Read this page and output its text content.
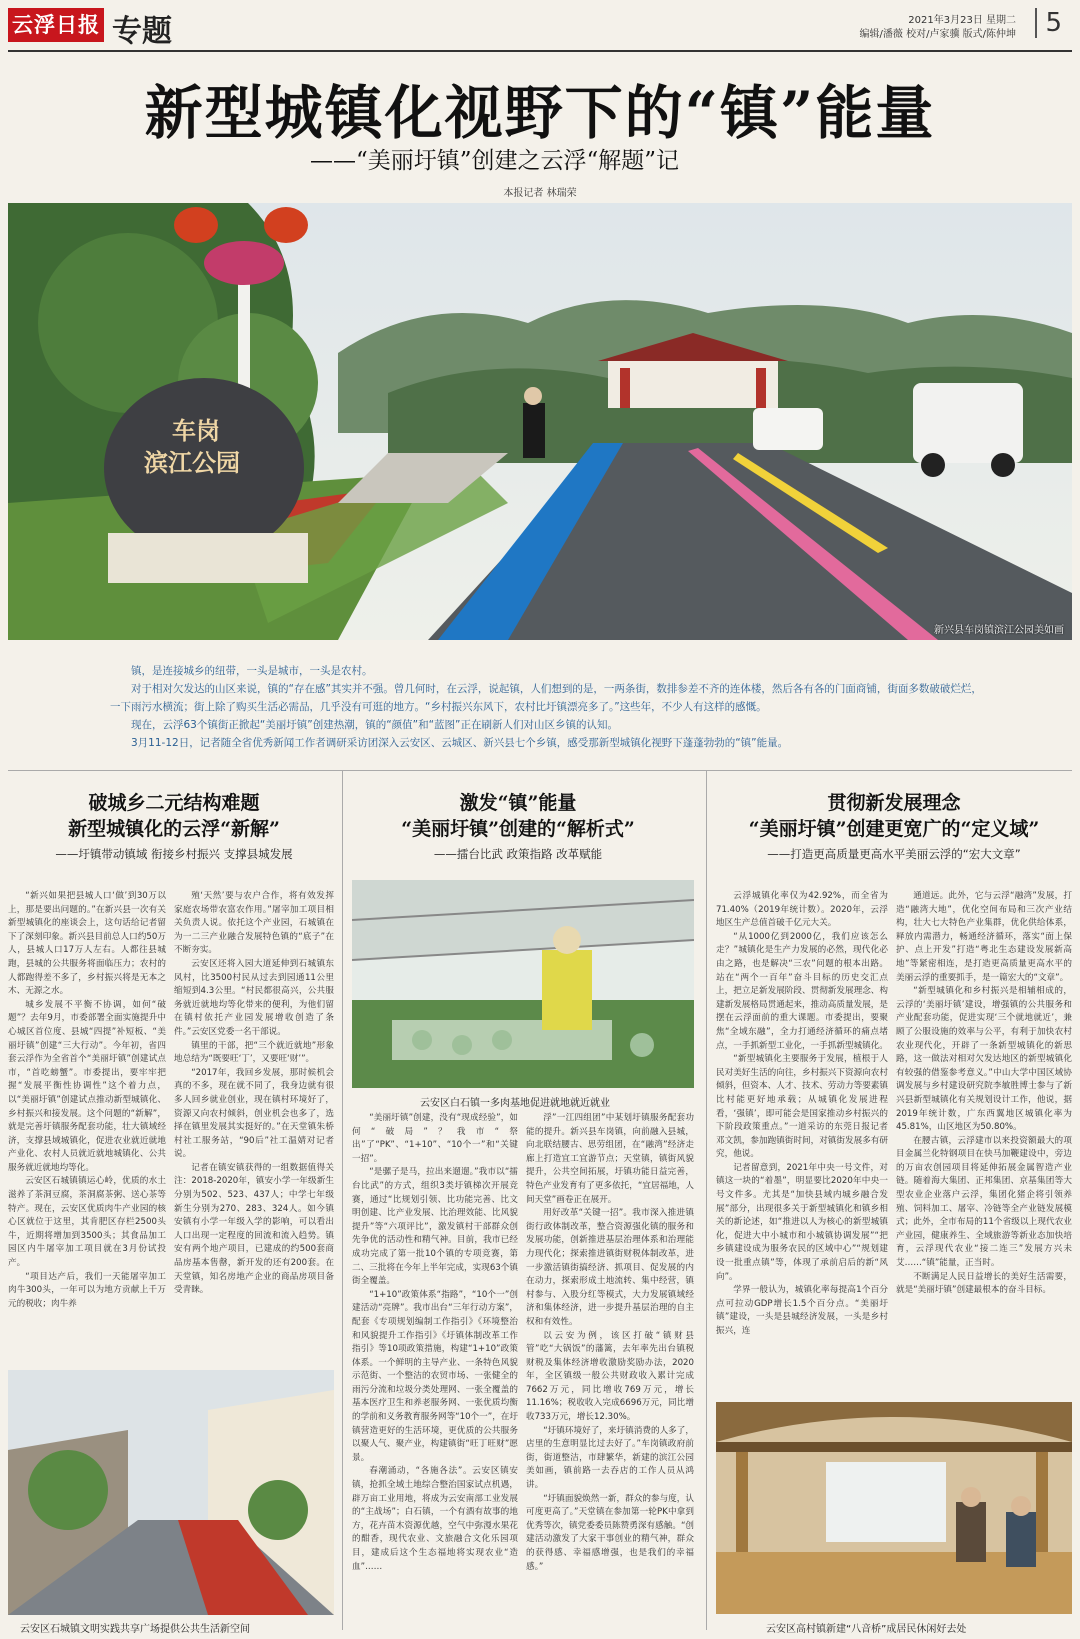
云浮日报 专题	2021年3月23日 星期二
编辑/潘薇 校对/卢家骥 版式/陈仲坤	5
新型城镇化视野下的“镇”能量
——“美丽圩镇”创建之云浮“解题”记
本报记者 林瑞荣
车岗
滨江公园
新兴县车岗镇滨江公园美如画

镇，是连接城乡的纽带，一头是城市，一头是农村。

对于相对欠发达的山区来说，镇的“存在感”其实并不强。曾几何时，在云浮，说起镇，人们想到的是，一两条街，数排参差不齐的连体楼，然后各有各的门面商铺，街面多数破破烂烂，一下雨污水横流；街上除了购买生活必需品，几乎没有可逛的地方。“乡村振兴东风下，农村比圩镇漂亮多了。”这些年，不少人有这样的感慨。

现在，云浮63个镇街正掀起“美丽圩镇”创建热潮，镇的“颜值”和“蓝图”正在刷新人们对山区乡镇的认知。

3月11-12日，记者随全省优秀新闻工作者调研采访团深入云安区、云城区、新兴县七个乡镇，感受那新型城镇化视野下蓬蓬勃勃的“镇”能量。

破城乡二元结构难题
新型城镇化的云浮“新解”
——圩镇带动镇域 衔接乡村振兴 支撑县城发展

“新兴如果把县城人口‘做’到30万以上，那是要出问题的。”在新兴县一次有关新型城镇化的座谈会上，这句话给记者留下了深刻印象。新兴县目前总人口约50万人，县城人口17万人左右。人都往县城跑，县城的公共服务将面临压力；农村的人都跑得差不多了，乡村振兴将是无本之木、无源之水。

城乡发展不平衡不协调，如何“破题”？去年9月，市委部署全面实施提升中心城区首位度、县城“四提”补短板、“美丽圩镇”创建“三大行动”。今年初，省四套云浮作为全省首个“美丽圩镇”创建试点市，“首吃螃蟹”。市委提出，要牢牢把握“发展平衡性协调性”这个着力点，以“美丽圩镇”创建试点推动新型城镇化、乡村振兴和接发展。这个问题的“新解”，就是完善圩镇服务配套功能，壮大镇域经济，支撑县域城镇化，促进农业就近就地产业化、农村人员就近就地城镇化、公共服务就近就地均等化。

云安区石城镇镇运心岭，优质的水土滋养了茶洞豆腐，茶洞腐茶粥、送心茶等特产。现在，云安区优质肉牛产业园的核心区就位于这里，其肯肥区存栏2500头牛，近期将增加到3500头；其食品加工园区内牛屠宰加工项目就在3月份试投产。

“项目达产后，我们一天能屠宰加工肉牛300头，一年可以为地方贡献上千万元的税收；肉牛养

殖‘天然’要与农户合作，将有效发挥家庭农场带农富农作用。”屠宰加工项目相关负责人说。依托这个产业园，石城镇在为一二三产业融合发展特色镇的“底子”在不断夯实。

云安区还将入园大道延伸到石城镇东风村，比3500村民从过去到园通11公里缩短到4.3公里。“村民都很高兴，公共服务就近就地均等化带来的便利，为他们留在镇村依托产业园发展增收创造了条件。”云安区党委一名干部说。

镇里的干部，把“三个就近就地”形象地总结为“既要旺‘丁’，又要旺‘财’”。

“2017年，我回乡发展，那时候机会真的不多，现在就不同了，我身边就有很多人回乡就业创业，现在镇村环境好了，资源又向农村倾斜，创业机会也多了，选择在镇里发展其实挺好的。”在天堂镇朱桥村社工服务站，“90后”社工温婧对记者说。

记者在镇安镇获得的一组数据值得关注：2018-2020年，镇安小学一年级新生分别为502、523、437人；中学七年级新生分别为270、283、324人。如今镇安镇有小学一年级入学的影响，可以看出人口出现一定程度的回流和流入趋势。镇安有两个地产项目，已建成的约500套商品房基本售罄，新开发的还有200套。在天堂镇，知名房地产企业的商品房项目备受青睐。

云安区石城镇文明实践共享广场提供公共生活新空间
激发“镇”能量
“美丽圩镇”创建的“解析式”
——擂台比武 政策指路 改革赋能
云安区白石镇一多肉基地促进就地就近就业

“美丽圩镇”创建，没有“现成经验”，如何“破局”？我市“祭出”了“PK”、“1+10”、“10个一”和“关键一招”。

“是骡子是马，拉出来遛遛。”我市以“擂台比武”的方式，组织3类圩镇梯次开展竞赛，通过“比规划引领、比功能完善、比文明创建、比产业发展、比治理效能、比风貌提升”等“六项评比”，激发镇村干部群众创先争优的活动性和精气神。目前，我市已经成功完成了第一批10个镇的专项竞赛，第二、三批将在今年上半年完成，实现63个镇街全覆盖。

“1+10”政策体系“指路”，“10个一”创建活动“亮牌”。我市出台“三年行动方案”，配套《专项规划编制工作指引》《环境整治和风貌提升工作指引》《圩镇体制改革工作指引》等10项政策措施，构建“1+10”政策体系。一个鲜明的主导产业、一条特色风貌示范街、一个整洁的农贸市场、一张健全的雨污分流和垃圾分类处理网、一张全覆盖的基本医疗卫生和养老服务网、一张优质均衡的学前和义务教育服务网等“10个一”，在圩镇营造更好的生活环境，更优质的公共服务以聚人气、聚产业，构建镇街“旺丁旺财”愿景。

春潮涌动，“各施各法”。云安区镇安镇，抢抓全域土地综合整治国家试点机遇，辟万亩工业用地，将成为云安南部工业发展的“主战场”；白石镇，一个有酒有故事的地方，花卉苗木资源优越，空气中弥漫水果花的酣香，现代农业、文旅融合文化乐园项目，建成后这个生态福地将实现农业“造血”……

浮”一江四组团”中某划圩镇服务配套功能的提升。新兴县车岗镇，向前融入县城，向北联结腰古、思劳组团，在“融湾”经济走廊上打造宜工宜游节点；天堂镇，镇街风貌提升，公共空间拓展，圩镇功能日益完善，特色产业发育有了更多依托，“宜居福地，人间天堂”画卷正在展开。

用好改革“关键一招”。我市深入推进镇街行政体制改革，整合资源强化镇的服务和发展功能，创新推进基层治理体系和治理能力现代化；探索推进镇街财税体制改革，进一步激活镇街搞经济、抓项目、促发展的内在动力，探索形成土地流转、集中经营，镇村参与、入股分红等模式，大力发展镇域经济和集体经济，进一步提升基层治理的自主权和有效性。

以云安为例，该区打破“镇财县管”吃“大锅饭”的藩篱，去年率先出台镇税财税及集体经济增收激励奖励办法，2020年，全区镇级一般公共财政收入累计完成7662万元，同比增收769万元，增长11.16%；税收收入完成6696万元，同比增收733万元，增长12.30%。

“圩镇环境好了，来圩镇消费的人多了，店里的生意明显比过去好了。”车岗镇政府前街，街道整洁，市肆繁华，新建的滨江公园美如画，镇前路一去吞店的工作人员从鸿讲。

“圩镇面貌焕然一新，群众的参与度，认可度更高了。”天堂镇在参加第一轮PK中拿到优秀等次，镇党委委员陈赞勇深有感触。“创建活动激发了大家干事创业的精气神，群众的获得感、幸福感增强，也是我们的幸福感。”

贯彻新发展理念
“美丽圩镇”创建更宽广的“定义域”
——打造更高质量更高水平美丽云浮的“宏大文章”

云浮城镇化率仅为42.92%，而全省为71.40%（2019年统计数）。2020年，云浮地区生产总值首破千亿元大关。

“从1000亿到2000亿，我们应该怎么走？”城镇化是生产力发展的必然，现代化必由之路，也是解决“三农”问题的根本出路。站在“两个一百年”奋斗目标的历史交汇点上，把立足新发展阶段、贯彻新发展理念、构建新发展格局贯通起来，推动高质量发展，是摆在云浮面前的重大课题。市委提出，要聚焦“全域东融”，全力打通经济循环的痛点堵点，一手抓新型工业化，一手抓新型城镇化。

“新型城镇化主要服务于发展，植根于人民对美好生活的向往，乡村振兴下资源向农村倾斜，但资本、人才、技术、劳动力等要素镇比村能更好地承载；从城镇化发展进程看，‘强镇’，即可能会是国家推动乡村振兴的下阶段政策重点。”一道采访的东莞日报记者邓文凯，参加跑镇街时间，对镇街发展多有研究，他说。

记者留意到，2021年中央一号文件，对镇这一块的“着墨”，明显要比2020年中央一号文件多。尤其是“加快县域内城乡融合发展”部分，出现很多关于新型城镇化和镇乡相关的新论述，如“推进以人为核心的新型城镇化，促进大中小城市和小城镇协调发展”“把乡镇建设成为服务农民的区域中心”“规划建设一批重点镇”等，体现了承前启后的新“风向”。

学界一般认为，城镇化率每提高1个百分点可拉动GDP增长1.5个百分点。“美丽圩镇”建设，一头是县城经济发展，一头是乡村振兴，连

通道远。此外，它与云浮“融湾”发展，打造“融湾大地”，优化空间布局和三次产业结构，壮大七大特色产业集群，优化供给体系，释放内需潜力，畅通经济循环，落实“面上保护、点上开发”打造“粤北生态建设发展新高地”等紧密相连，是打造更高质量更高水平的美丽云浮的重要抓手，是一篇宏大的“文章”。

“新型城镇化和乡村振兴是相辅相成的，云浮的‘美丽圩镇’建设，增强镇的公共服务和产业配套功能，促进实现‘三个就地就近’，兼顾了公服设施的效率与公平，有利于加快农村农业现代化，开辟了一条新型城镇化的新思路，这一做法对相对欠发达地区的新型城镇化有较强的借鉴参考意义。”中山大学中国区域协调发展与乡村建设研究院李敏胜博士参与了新兴县新型城镇化有关规划设计工作，他说，据2019年统计数，广东西翼地区城镇化率为45.81%，山区地区为50.80%。

在腰古镇，云浮建市以来投资额最大的项目金属兰化特钢项目在快马加鞭建设中，旁边的万亩农创园项目将延伸拓展金属智造产业链。随着海大集团、正邦集团、京基集团等大型农业企业落户云浮，集团化猪企将引领养殖、饲料加工、屠宰、冷链等全产业链发展模式；此外，全市布局的11个省级以上现代农业产业园，健康养生、全域旅游等新业态加快培育，云浮现代农业“接二连三”发展方兴未艾……“镇”能量，正当时。

不断满足人民日益增长的美好生活需要，就是“美丽圩镇”创建最根本的奋斗目标。

云安区高村镇新建“八音桥”成居民休闲好去处
